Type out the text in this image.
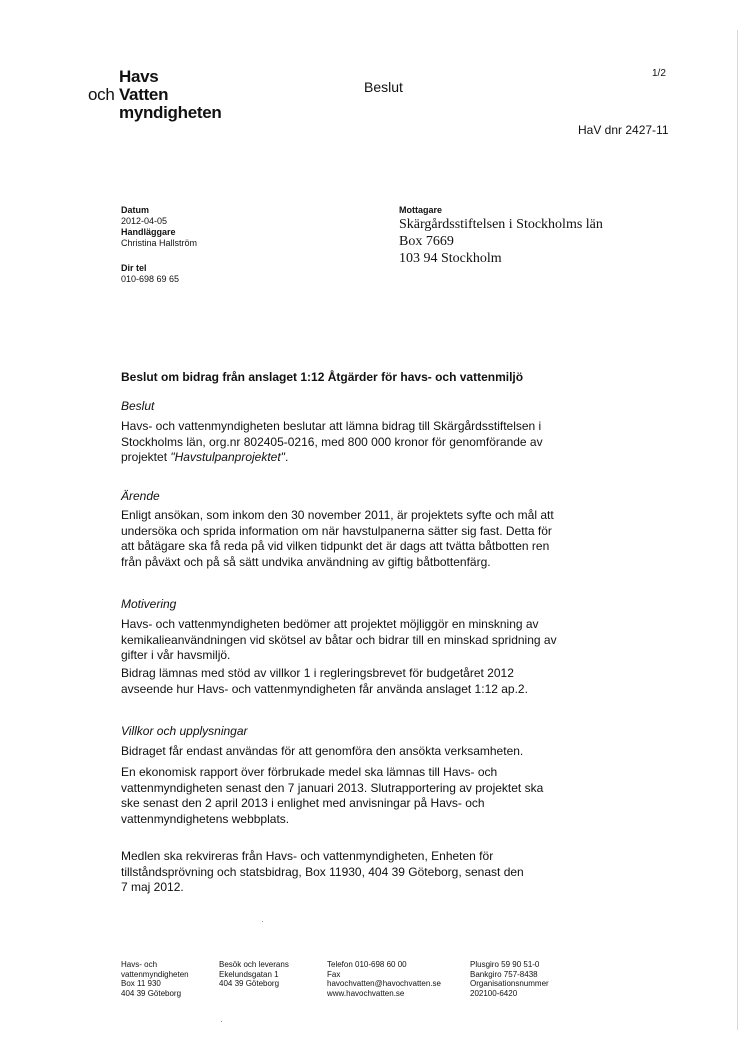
Havs
och Vatten
myndigheten
Beslut
1/2
HaV dnr 2427-11
Datum
2012-04-05
Handläggare
Christina Hallström
Dir tel
010-698 69 65
Mottagare
Skärgårdsstiftelsen i Stockholms län
Box 7669
103 94 Stockholm
Beslut om bidrag från anslaget 1:12 Åtgärder för havs- och vattenmiljö
Beslut
Havs- och vattenmyndigheten beslutar att lämna bidrag till Skärgårdsstiftelsen i
Stockholms län, org.nr 802405-0216, med 800 000 kronor för genomförande av
projektet "Havstulpanprojektet".
Ärende
Enligt ansökan, som inkom den 30 november 2011, är projektets syfte och mål att
undersöka och sprida information om när havstulpanerna sätter sig fast. Detta för
att båtägare ska få reda på vid vilken tidpunkt det är dags att tvätta båtbotten ren
från påväxt och på så sätt undvika användning av giftig båtbottenfärg.
Motivering
Havs- och vattenmyndigheten bedömer att projektet möjliggör en minskning av
kemikalieanvändningen vid skötsel av båtar och bidrar till en minskad spridning av
gifter i vår havsmiljö.
Bidrag lämnas med stöd av villkor 1 i regleringsbrevet för budgetåret 2012
avseende hur Havs- och vattenmyndigheten får använda anslaget 1:12 ap.2.
Villkor och upplysningar
Bidraget får endast användas för att genomföra den ansökta verksamheten.
En ekonomisk rapport över förbrukade medel ska lämnas till Havs- och
vattenmyndigheten senast den 7 januari 2013. Slutrapportering av projektet ska
ske senast den 2 april 2013 i enlighet med anvisningar på Havs- och
vattenmyndighetens webbplats.
Medlen ska rekvireras från Havs- och vattenmyndigheten, Enheten för
tillståndsprövning och statsbidrag, Box 11930, 404 39 Göteborg, senast den
7 maj 2012.
Havs- och
vattenmyndigheten
Box 11 930
404 39 Göteborg
Besök och leverans
Ekelundsgatan 1
404 39 Göteborg
Telefon 010-698 60 00
Fax
havochvatten@havochvatten.se
www.havochvatten.se
Plusgiro 59 90 51-0
Bankgiro 757-8438
Organisationsnummer
202100-6420
